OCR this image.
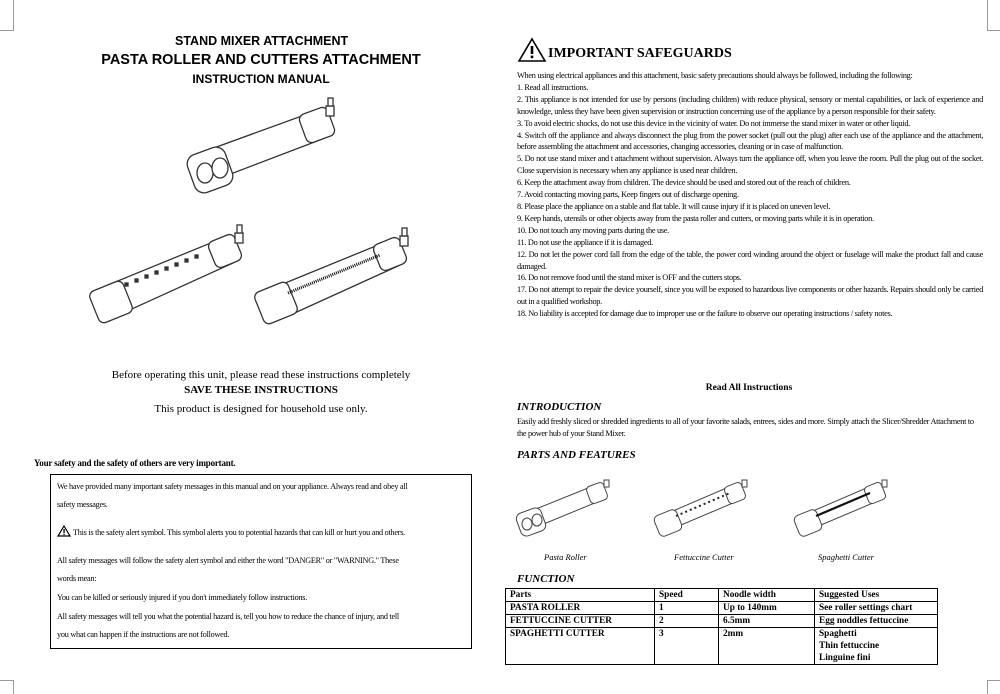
STAND MIXER ATTACHMENT
PASTA ROLLER AND CUTTERS ATTACHMENT
INSTRUCTION MANUAL
Before operating this unit, please read these instructions completely
SAVE THESE INSTRUCTIONS
This product is designed for household use only.
Your safety and the safety of others are very important.
We have provided many important safety messages in this manual and on your appliance. Always read and obey all
safety messages.
This is the safety alert symbol. This symbol alerts you to potential hazards that can kill or hurt you and others.
All safety messages will follow the safety alert symbol and either the word "DANGER" or "WARNING." These
words mean:
You can be killed or seriously injured if you don't immediately follow instructions.
All safety messages will tell you what the potential hazard is, tell you how to reduce the chance of injury, and tell
you what can happen if the instructions are not followed.
IMPORTANT SAFEGUARDS

When using electrical appliances and this attachment, basic safety precautions should always be followed, including the following:

1. Read all instructions.

2. This appliance is not intended for use by persons (including children) with reduce physical, sensory or mental capabilities, or lack of experience and knowledge, unless they have been given supervision or instruction concerning use of the appliance by a person responsible for their safety.

3. To avoid electric shocks, do not use this device in the vicinity of water. Do not immerse the stand mixer in water or other liquid.

4. Switch off the appliance and always disconnect the plug from the power socket (pull out the plug) after each use of the appliance and the attachment, before assembling the attachment and accessories, changing accessories, cleaning or in case of malfunction.

5. Do not use stand mixer and t attachment without supervision. Always turn the appliance off, when you leave the room. Pull the plug out of the socket. Close supervision is necessary when any appliance is used near children.

6. Keep the attachment away from children. The device should be used and stored out of the reach of children.

7. Avoid contacting moving parts, Keep fingers out of discharge opening.

8. Please place the appliance on a stable and flat table. It will cause injury if it is placed on uneven level.

9. Keep hands, utensils or other objects away from the pasta roller and cutters, or moving parts while it is in operation.

10. Do not touch any moving parts during the use.

11. Do not use the appliance if it is damaged.

12. Do not let the power cord fall from the edge of the table, the power cord winding around the object or fuselage will make the product fall and cause damaged.

16. Do not remove food until the stand mixer is OFF and the cutters stops.

17. Do not attempt to repair the device yourself, since you will be exposed to hazardous live components or other hazards. Repairs should only be carried out in a qualified workshop.

18. No liability is accepted for damage due to improper use or the failure to observe our operating instructions / safety notes.

Read All Instructions
INTRODUCTION
Easily add freshly sliced or shredded ingredients to all of your favorite salads, entrees, sides and more. Simply attach the Slicer/Shredder Attachment to the power hub of your Stand Mixer.
PARTS AND FEATURES
Pasta Roller	Fettuccine Cutter	Spaghetti Cutter
FUNCTION
Parts	Speed	Noodle width	Suggested Uses
PASTA ROLLER	1	Up to 140mm	See roller settings chart
FETTUCCINE CUTTER	2	6.5mm	Egg noddles fettuccine
SPAGHETTI CUTTER	3	2mm	Spaghetti
Thin fettuccine
Linguine fini
